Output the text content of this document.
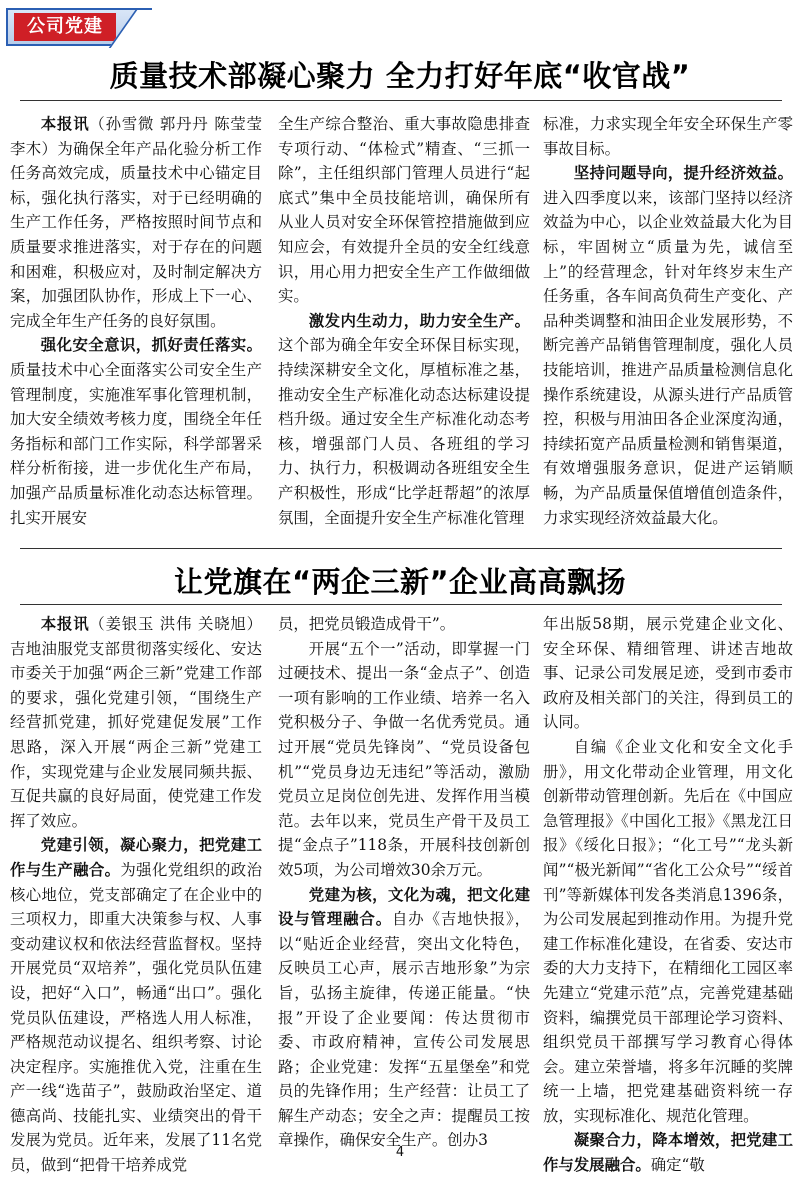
公司党建
质量技术部凝心聚力 全力打好年底“收官战”

本报讯（孙雪微 郭丹丹 陈莹莹 李木）为确保全年产品化验分析工作任务高效完成，质量技术中心锚定目标，强化执行落实，对于已经明确的生产工作任务，严格按照时间节点和质量要求推进落实，对于存在的问题和困难，积极应对，及时制定解决方案，加强团队协作，形成上下一心、完成全年生产任务的良好氛围。

强化安全意识，抓好责任落实。质量技术中心全面落实公司安全生产管理制度，实施准军事化管理机制，加大安全绩效考核力度，围绕全年任务指标和部门工作实际，科学部署采样分析衔接，进一步优化生产布局，加强产品质量标准化动态达标管理。扎实开展安

全生产综合整治、重大事故隐患排查专项行动、“体检式”精查、“三抓一除”，主任组织部门管理人员进行“起底式”集中全员技能培训，确保所有从业人员对安全环保管控措施做到应知应会，有效提升全员的安全红线意识，用心用力把安全生产工作做细做实。

激发内生动力，助力安全生产。这个部为确全年安全环保目标实现，持续深耕安全文化，厚植标准之基，推动安全生产标准化动态达标建设提档升级。通过安全生产标准化动态考核，增强部门人员、各班组的学习力、执行力，积极调动各班组安全生产积极性，形成“比学赶帮超”的浓厚氛围，全面提升安全生产标准化管理

标准，力求实现全年安全环保生产零事故目标。

坚持问题导向，提升经济效益。进入四季度以来，该部门坚持以经济效益为中心，以企业效益最大化为目标，牢固树立“质量为先，诚信至上”的经营理念，针对年终岁末生产任务重，各车间高负荷生产变化、产品种类调整和油田企业发展形势，不断完善产品销售管理制度，强化人员技能培训，推进产品质量检测信息化操作系统建设，从源头进行产品质管控，积极与用油田各企业深度沟通，持续拓宽产品质量检测和销售渠道，有效增强服务意识，促进产运销顺畅，为产品质量保值增值创造条件，力求实现经济效益最大化。

让党旗在“两企三新”企业高高飘扬

本报讯（姜银玉 洪伟 关晓旭）吉地油服党支部贯彻落实绥化、安达市委关于加强“两企三新”党建工作部的要求，强化党建引领，“围绕生产经营抓党建，抓好党建促发展”工作思路，深入开展“两企三新”党建工作，实现党建与企业发展同频共振、互促共赢的良好局面，使党建工作发挥了效应。

党建引领，凝心聚力，把党建工作与生产融合。为强化党组织的政治核心地位，党支部确定了在企业中的三项权力，即重大决策参与权、人事变动建议权和依法经营监督权。坚持开展党员“双培养”，强化党员队伍建设，把好“入口”，畅通“出口”。强化党员队伍建设，严格选人用人标准，严格规范动议提名、组织考察、讨论决定程序。实施推优入党，注重在生产一线“选苗子”，鼓励政治坚定、道德高尚、技能扎实、业绩突出的骨干发展为党员。近年来，发展了11名党员，做到“把骨干培养成党

员，把党员锻造成骨干”。

开展“五个一”活动，即掌握一门过硬技术、提出一条“金点子”、创造一项有影响的工作业绩、培养一名入党积极分子、争做一名优秀党员。通过开展“党员先锋岗”、“党员设备包机”“党员身边无违纪”等活动，激励党员立足岗位创先进、发挥作用当模范。去年以来，党员生产骨干及员工提“金点子”118条，开展科技创新创效5项，为公司增效30余万元。

党建为核，文化为魂，把文化建设与管理融合。自办《吉地快报》，以“贴近企业经营，突出文化特色，反映员工心声，展示吉地形象”为宗旨，弘扬主旋律，传递正能量。“快报”开设了企业要闻：传达贯彻市委、市政府精神，宣传公司发展思路；企业党建：发挥“五星堡垒”和党员的先锋作用；生产经营：让员工了解生产动态；安全之声：提醒员工按章操作，确保安全生产。创办3

年出版58期，展示党建企业文化、安全环保、精细管理、讲述吉地故事、记录公司发展足迹，受到市委市政府及相关部门的关注，得到员工的认同。

自编《企业文化和安全文化手册》，用文化带动企业管理，用文化创新带动管理创新。先后在《中国应急管理报》《中国化工报》《黑龙江日报》《绥化日报》；“化工号”“龙头新闻”“极光新闻”“省化工公众号”“绥首刊”等新媒体刊发各类消息1396条，为公司发展起到推动作用。为提升党建工作标准化建设，在省委、安达市委的大力支持下，在精细化工园区率先建立“党建示范”点，完善党建基础资料，编撰党员干部理论学习资料、组织党员干部撰写学习教育心得体会。建立荣誉墙，将多年沉睡的奖牌统一上墙，把党建基础资料统一存放，实现标准化、规范化管理。

凝聚合力，降本增效，把党建工作与发展融合。确定“敬

4
